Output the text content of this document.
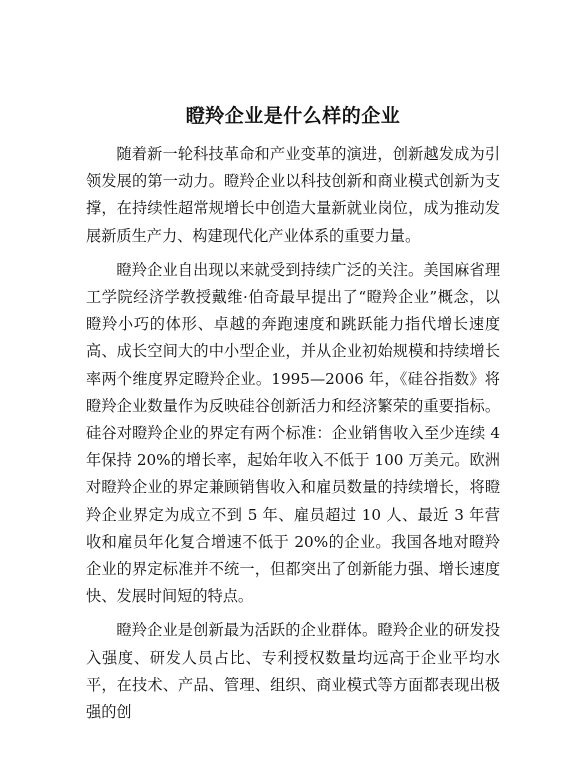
瞪羚企业是什么样的企业

随着新一轮科技革命和产业变革的演进，创新越发成为引领发展的第一动力。瞪羚企业以科技创新和商业模式创新为支撑，在持续性超常规增长中创造大量新就业岗位，成为推动发展新质生产力、构建现代化产业体系的重要力量。

瞪羚企业自出现以来就受到持续广泛的关注。美国麻省理工学院经济学教授戴维·伯奇最早提出了“瞪羚企业”概念，以瞪羚小巧的体形、卓越的奔跑速度和跳跃能力指代增长速度高、成长空间大的中小型企业，并从企业初始规模和持续增长率两个维度界定瞪羚企业。1995—2006 年，《硅谷指数》将瞪羚企业数量作为反映硅谷创新活力和经济繁荣的重要指标。硅谷对瞪羚企业的界定有两个标准：企业销售收入至少连续 4 年保持 20%的增长率，起始年收入不低于 100 万美元。欧洲对瞪羚企业的界定兼顾销售收入和雇员数量的持续增长，将瞪羚企业界定为成立不到 5 年、雇员超过 10 人、最近 3 年营收和雇员年化复合增速不低于 20%的企业。我国各地对瞪羚企业的界定标准并不统一，但都突出了创新能力强、增长速度快、发展时间短的特点。

瞪羚企业是创新最为活跃的企业群体。瞪羚企业的研发投入强度、研发人员占比、专利授权数量均远高于企业平均水平，在技术、产品、管理、组织、商业模式等方面都表现出极强的创
